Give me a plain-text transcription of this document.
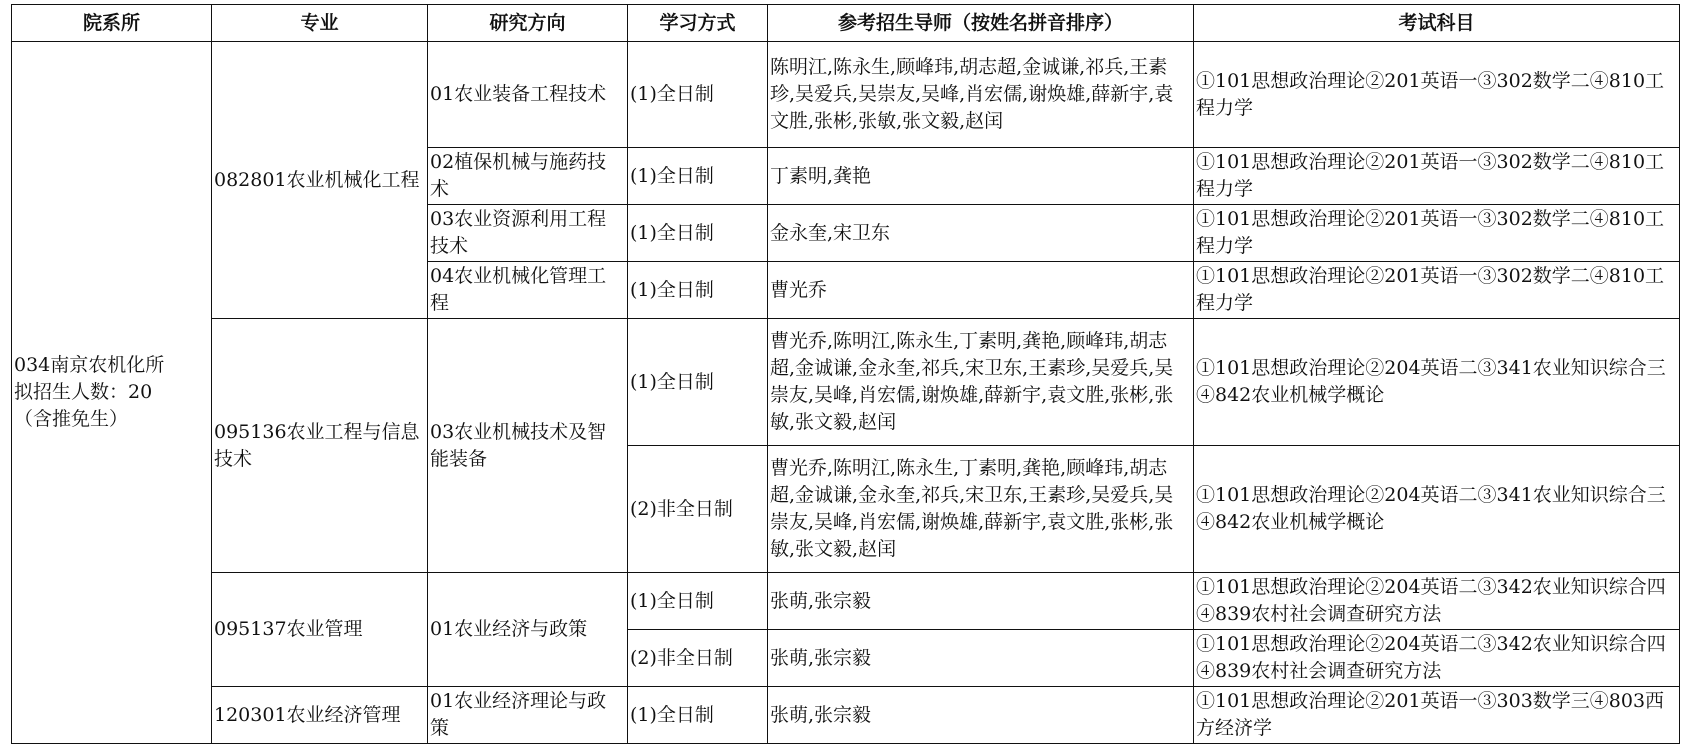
院系所	专业	研究方向	学习方式	参考招生导师（按姓名拼音排序）	考试科目

034南京农机化所
拟招生人数：20
（含推免生）	082801农业机械化工程	01农业装备工程技术	(1)全日制	陈明江,陈永生,顾峰玮,胡志超,金诚谦,祁兵,王素珍,吴爱兵,吴崇友,吴峰,肖宏儒,谢焕雄,薛新宇,袁文胜,张彬,张敏,张文毅,赵闰	①101思想政治理论②201英语一③302数学二④810工程力学
		02植保机械与施药技术	(1)全日制	丁素明,龚艳	①101思想政治理论②201英语一③302数学二④810工程力学
		03农业资源利用工程技术	(1)全日制	金永奎,宋卫东	①101思想政治理论②201英语一③302数学二④810工程力学
		04农业机械化管理工程	(1)全日制	曹光乔	①101思想政治理论②201英语一③302数学二④810工程力学
	095136农业工程与信息技术	03农业机械技术及智能装备	(1)全日制	曹光乔,陈明江,陈永生,丁素明,龚艳,顾峰玮,胡志超,金诚谦,金永奎,祁兵,宋卫东,王素珍,吴爱兵,吴崇友,吴峰,肖宏儒,谢焕雄,薛新宇,袁文胜,张彬,张敏,张文毅,赵闰	①101思想政治理论②204英语二③341农业知识综合三④842农业机械学概论
			(2)非全日制	曹光乔,陈明江,陈永生,丁素明,龚艳,顾峰玮,胡志超,金诚谦,金永奎,祁兵,宋卫东,王素珍,吴爱兵,吴崇友,吴峰,肖宏儒,谢焕雄,薛新宇,袁文胜,张彬,张敏,张文毅,赵闰	①101思想政治理论②204英语二③341农业知识综合三④842农业机械学概论
	095137农业管理	01农业经济与政策	(1)全日制	张萌,张宗毅	①101思想政治理论②204英语二③342农业知识综合四④839农村社会调查研究方法
			(2)非全日制	张萌,张宗毅	①101思想政治理论②204英语二③342农业知识综合四④839农村社会调查研究方法
	120301农业经济管理	01农业经济理论与政策	(1)全日制	张萌,张宗毅	①101思想政治理论②201英语一③303数学三④803西方经济学
